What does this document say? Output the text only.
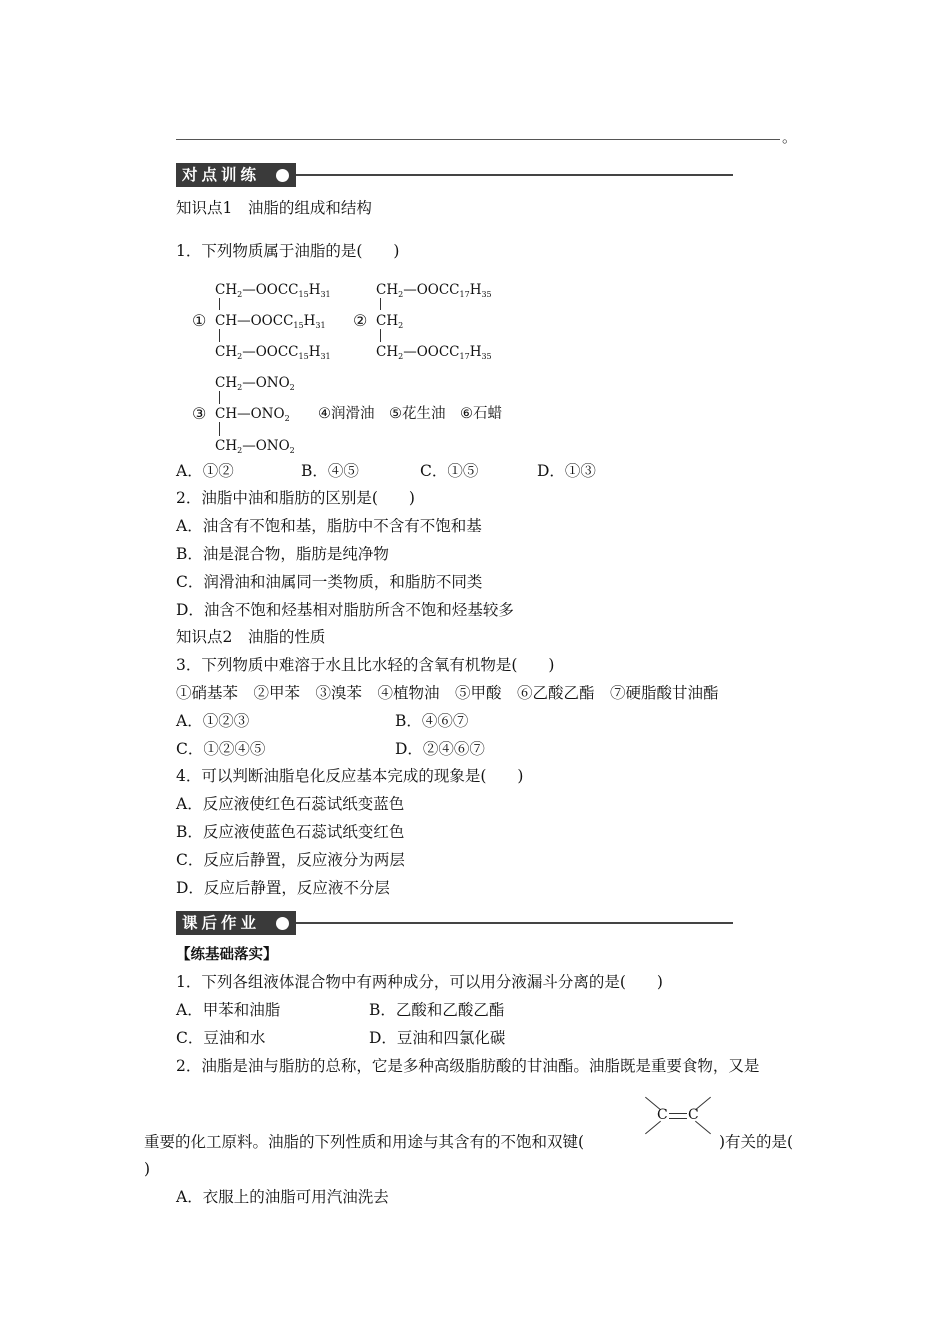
。
对点训练
知识点1　油脂的组成和结构
1．下列物质属于油脂的是(　　)
$CH_2—OOCC_{15}H_{31}$
① $CH—OOCC_{15}H_{31}$
$CH_2—OOCC_{15}H_{31}$
$CH_2—OOCC_{17}H_{35}$
② $CH_2$
$CH_2—OOCC_{17}H_{35}$
$CH_2—ONO_2$
③ $CH—ONO_2$
$CH_2—ONO_2$
④润滑油　⑤花生油　⑥石蜡
A．①②	B．④⑤	C．①⑤	D．①③
2．油脂中油和脂肪的区别是(　　)
A．油含有不饱和基，脂肪中不含有不饱和基
B．油是混合物，脂肪是纯净物
C．润滑油和油属同一类物质，和脂肪不同类
D．油含不饱和烃基相对脂肪所含不饱和烃基较多
知识点2　油脂的性质
3．下列物质中难溶于水且比水轻的含氧有机物是(　　)
①硝基苯　②甲苯　③溴苯　④植物油　⑤甲酸　⑥乙酸乙酯　⑦硬脂酸甘油酯
A．①②③	B．④⑥⑦
C．①②④⑤	D．②④⑥⑦
4．可以判断油脂皂化反应基本完成的现象是(　　)
A．反应液使红色石蕊试纸变蓝色
B．反应液使蓝色石蕊试纸变红色
C．反应后静置，反应液分为两层
D．反应后静置，反应液不分层
课后作业
【练基础落实】
1．下列各组液体混合物中有两种成分，可以用分液漏斗分离的是(　　)
A．甲苯和油脂	B．乙酸和乙酸乙酯
C．豆油和水	D．豆油和四氯化碳
2．油脂是油与脂肪的总称，它是多种高级脂肪酸的甘油酯。油脂既是重要食物，又是
C C
重要的化工原料。油脂的下列性质和用途与其含有的不饱和双键(	)有关的是(
)
A．衣服上的油脂可用汽油洗去
